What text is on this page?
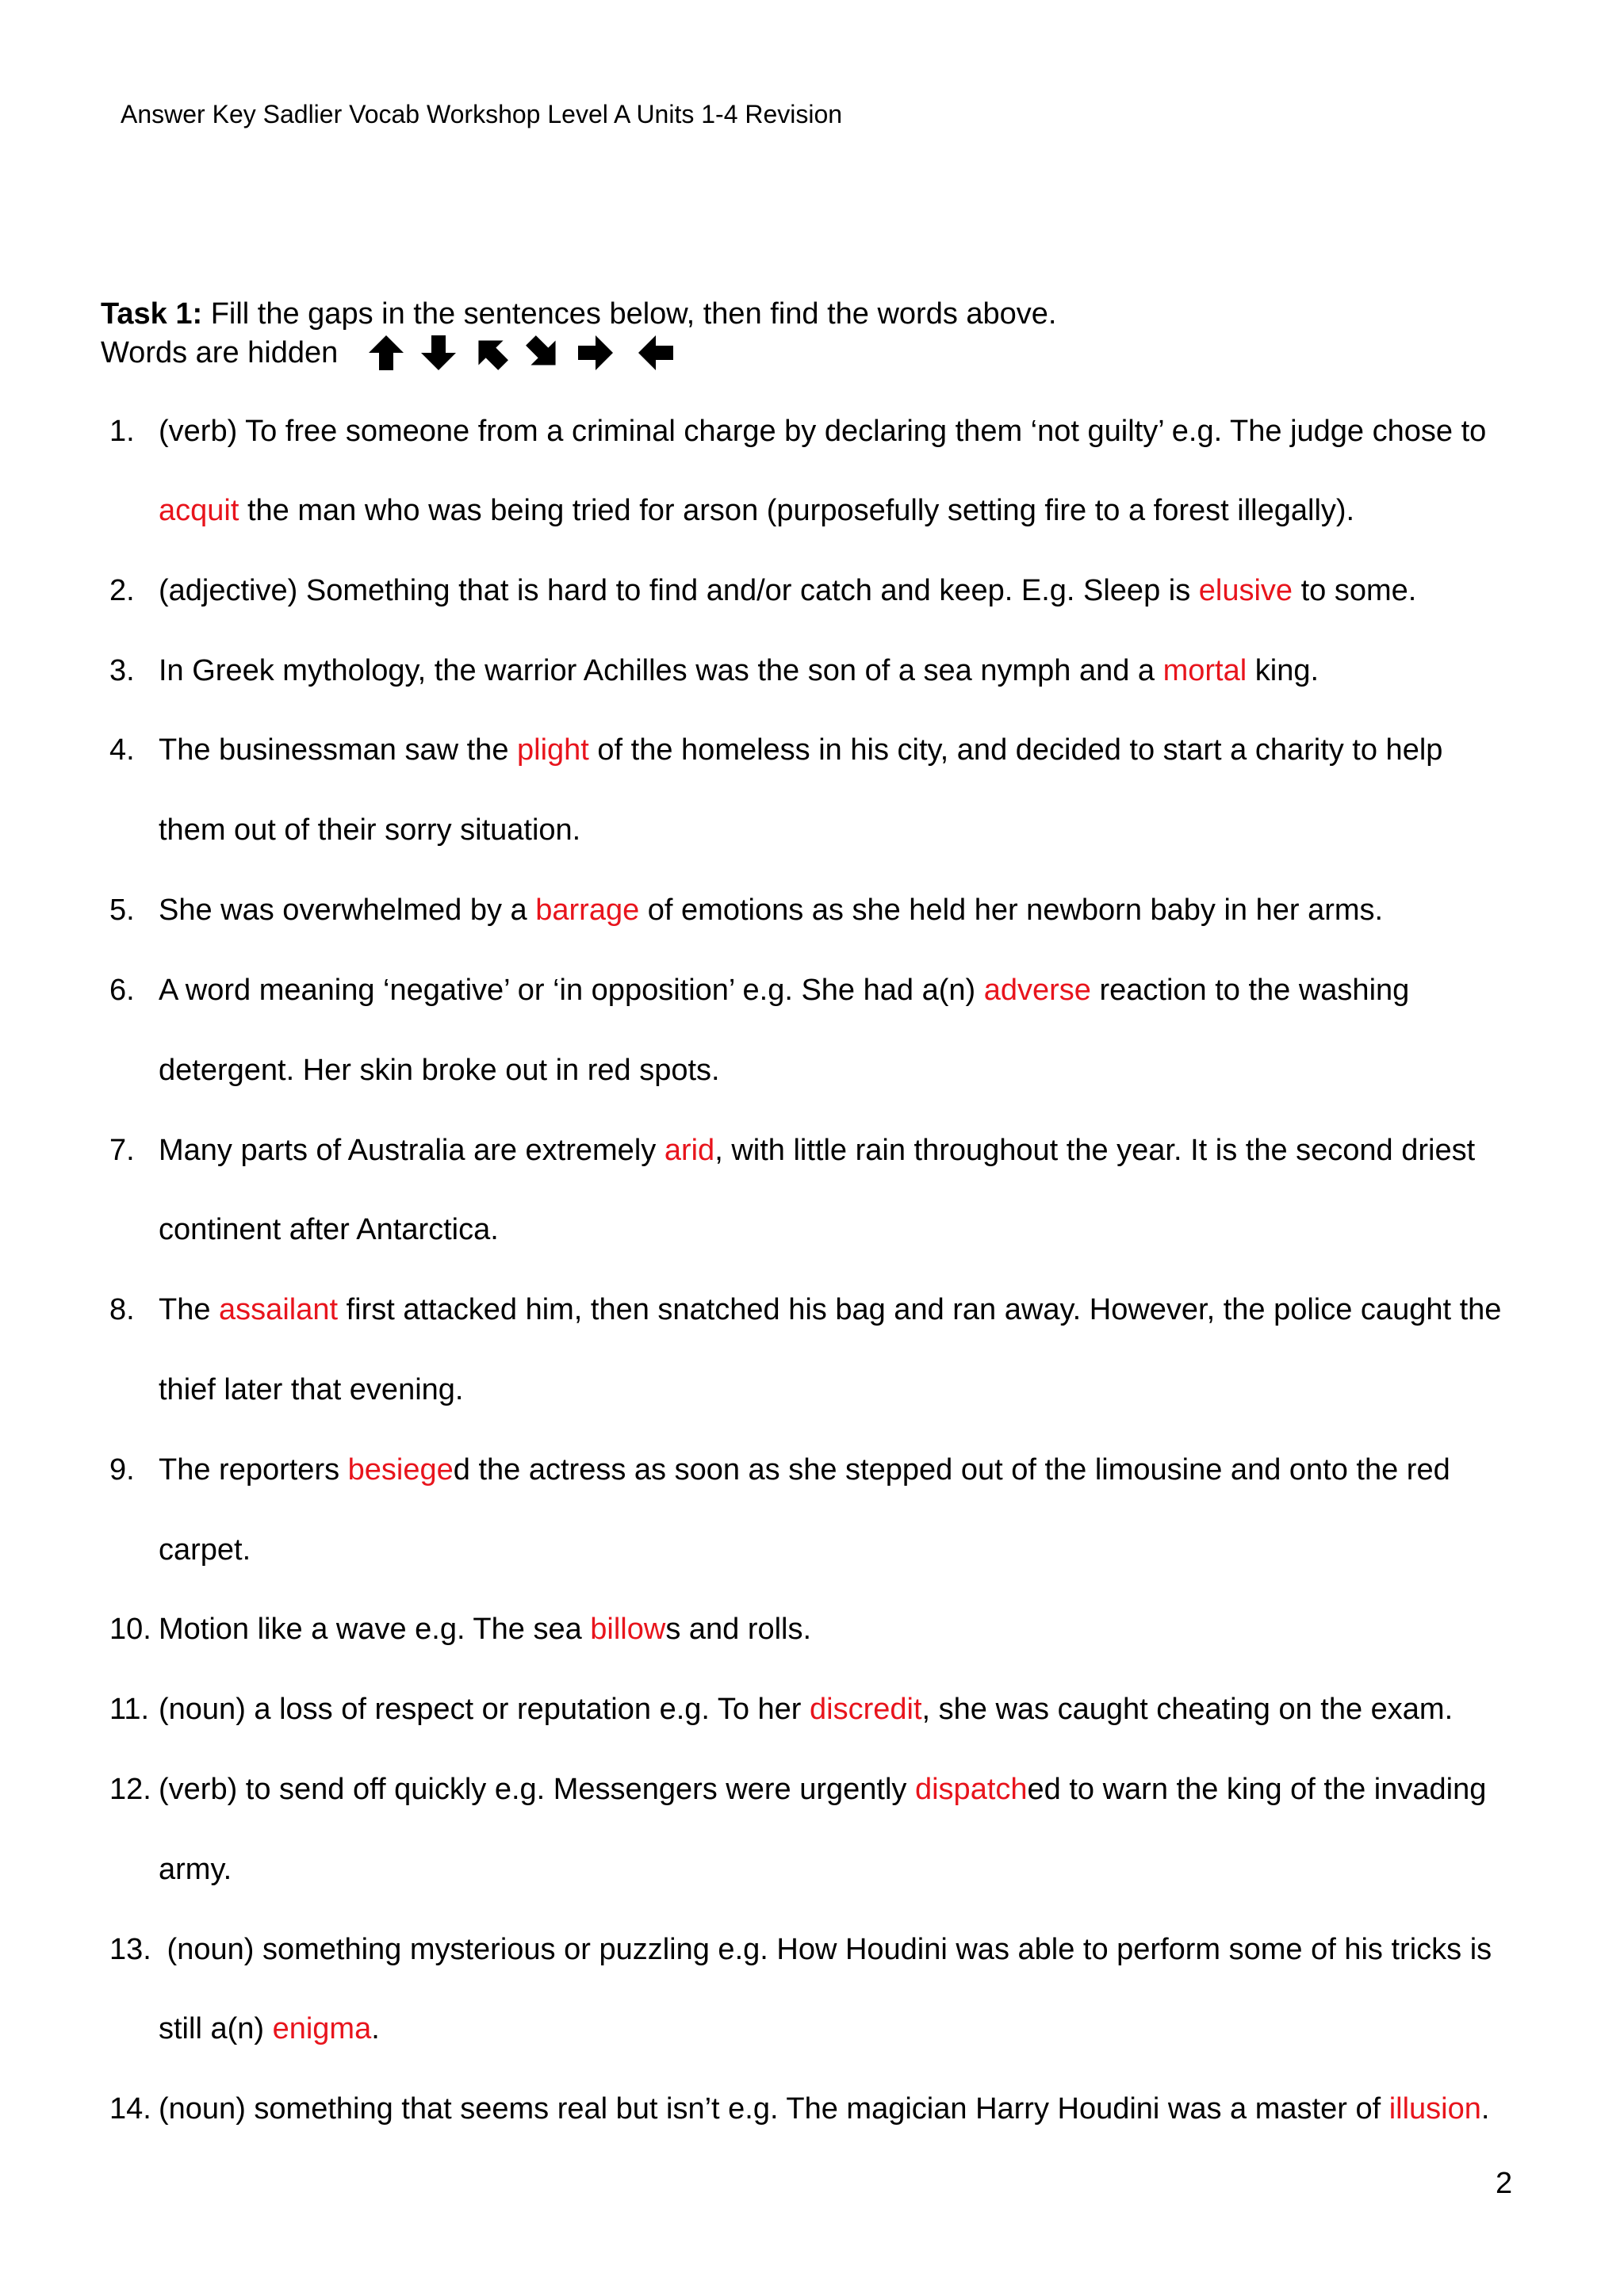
Answer Key Sadlier Vocab Workshop Level A Units 1-4 Revision
Task 1: Fill the gaps in the sentences below, then find the words above.
Words are hidden
1. (verb) To free someone from a criminal charge by declaring them ‘not guilty’ e.g. The judge chose to
acquit the man who was being tried for arson (purposefully setting fire to a forest illegally).
2. (adjective) Something that is hard to find and/or catch and keep. E.g. Sleep is elusive to some.
3. In Greek mythology, the warrior Achilles was the son of a sea nymph and a mortal king.
4. The businessman saw the plight of the homeless in his city, and decided to start a charity to help
them out of their sorry situation.
5. She was overwhelmed by a barrage of emotions as she held her newborn baby in her arms.
6. A word meaning ‘negative’ or ‘in opposition’ e.g. She had a(n) adverse reaction to the washing
detergent. Her skin broke out in red spots.
7. Many parts of Australia are extremely arid, with little rain throughout the year. It is the second driest
continent after Antarctica.
8. The assailant first attacked him, then snatched his bag and ran away. However, the police caught the
thief later that evening.
9. The reporters besieged the actress as soon as she stepped out of the limousine and onto the red
carpet.
10. Motion like a wave e.g. The sea billows and rolls.
11. (noun) a loss of respect or reputation e.g. To her discredit, she was caught cheating on the exam.
12. (verb) to send off quickly e.g. Messengers were urgently dispatched to warn the king of the invading
army.
13. (noun) something mysterious or puzzling e.g. How Houdini was able to perform some of his tricks is
still a(n) enigma.
14. (noun) something that seems real but isn’t e.g. The magician Harry Houdini was a master of illusion.
2
